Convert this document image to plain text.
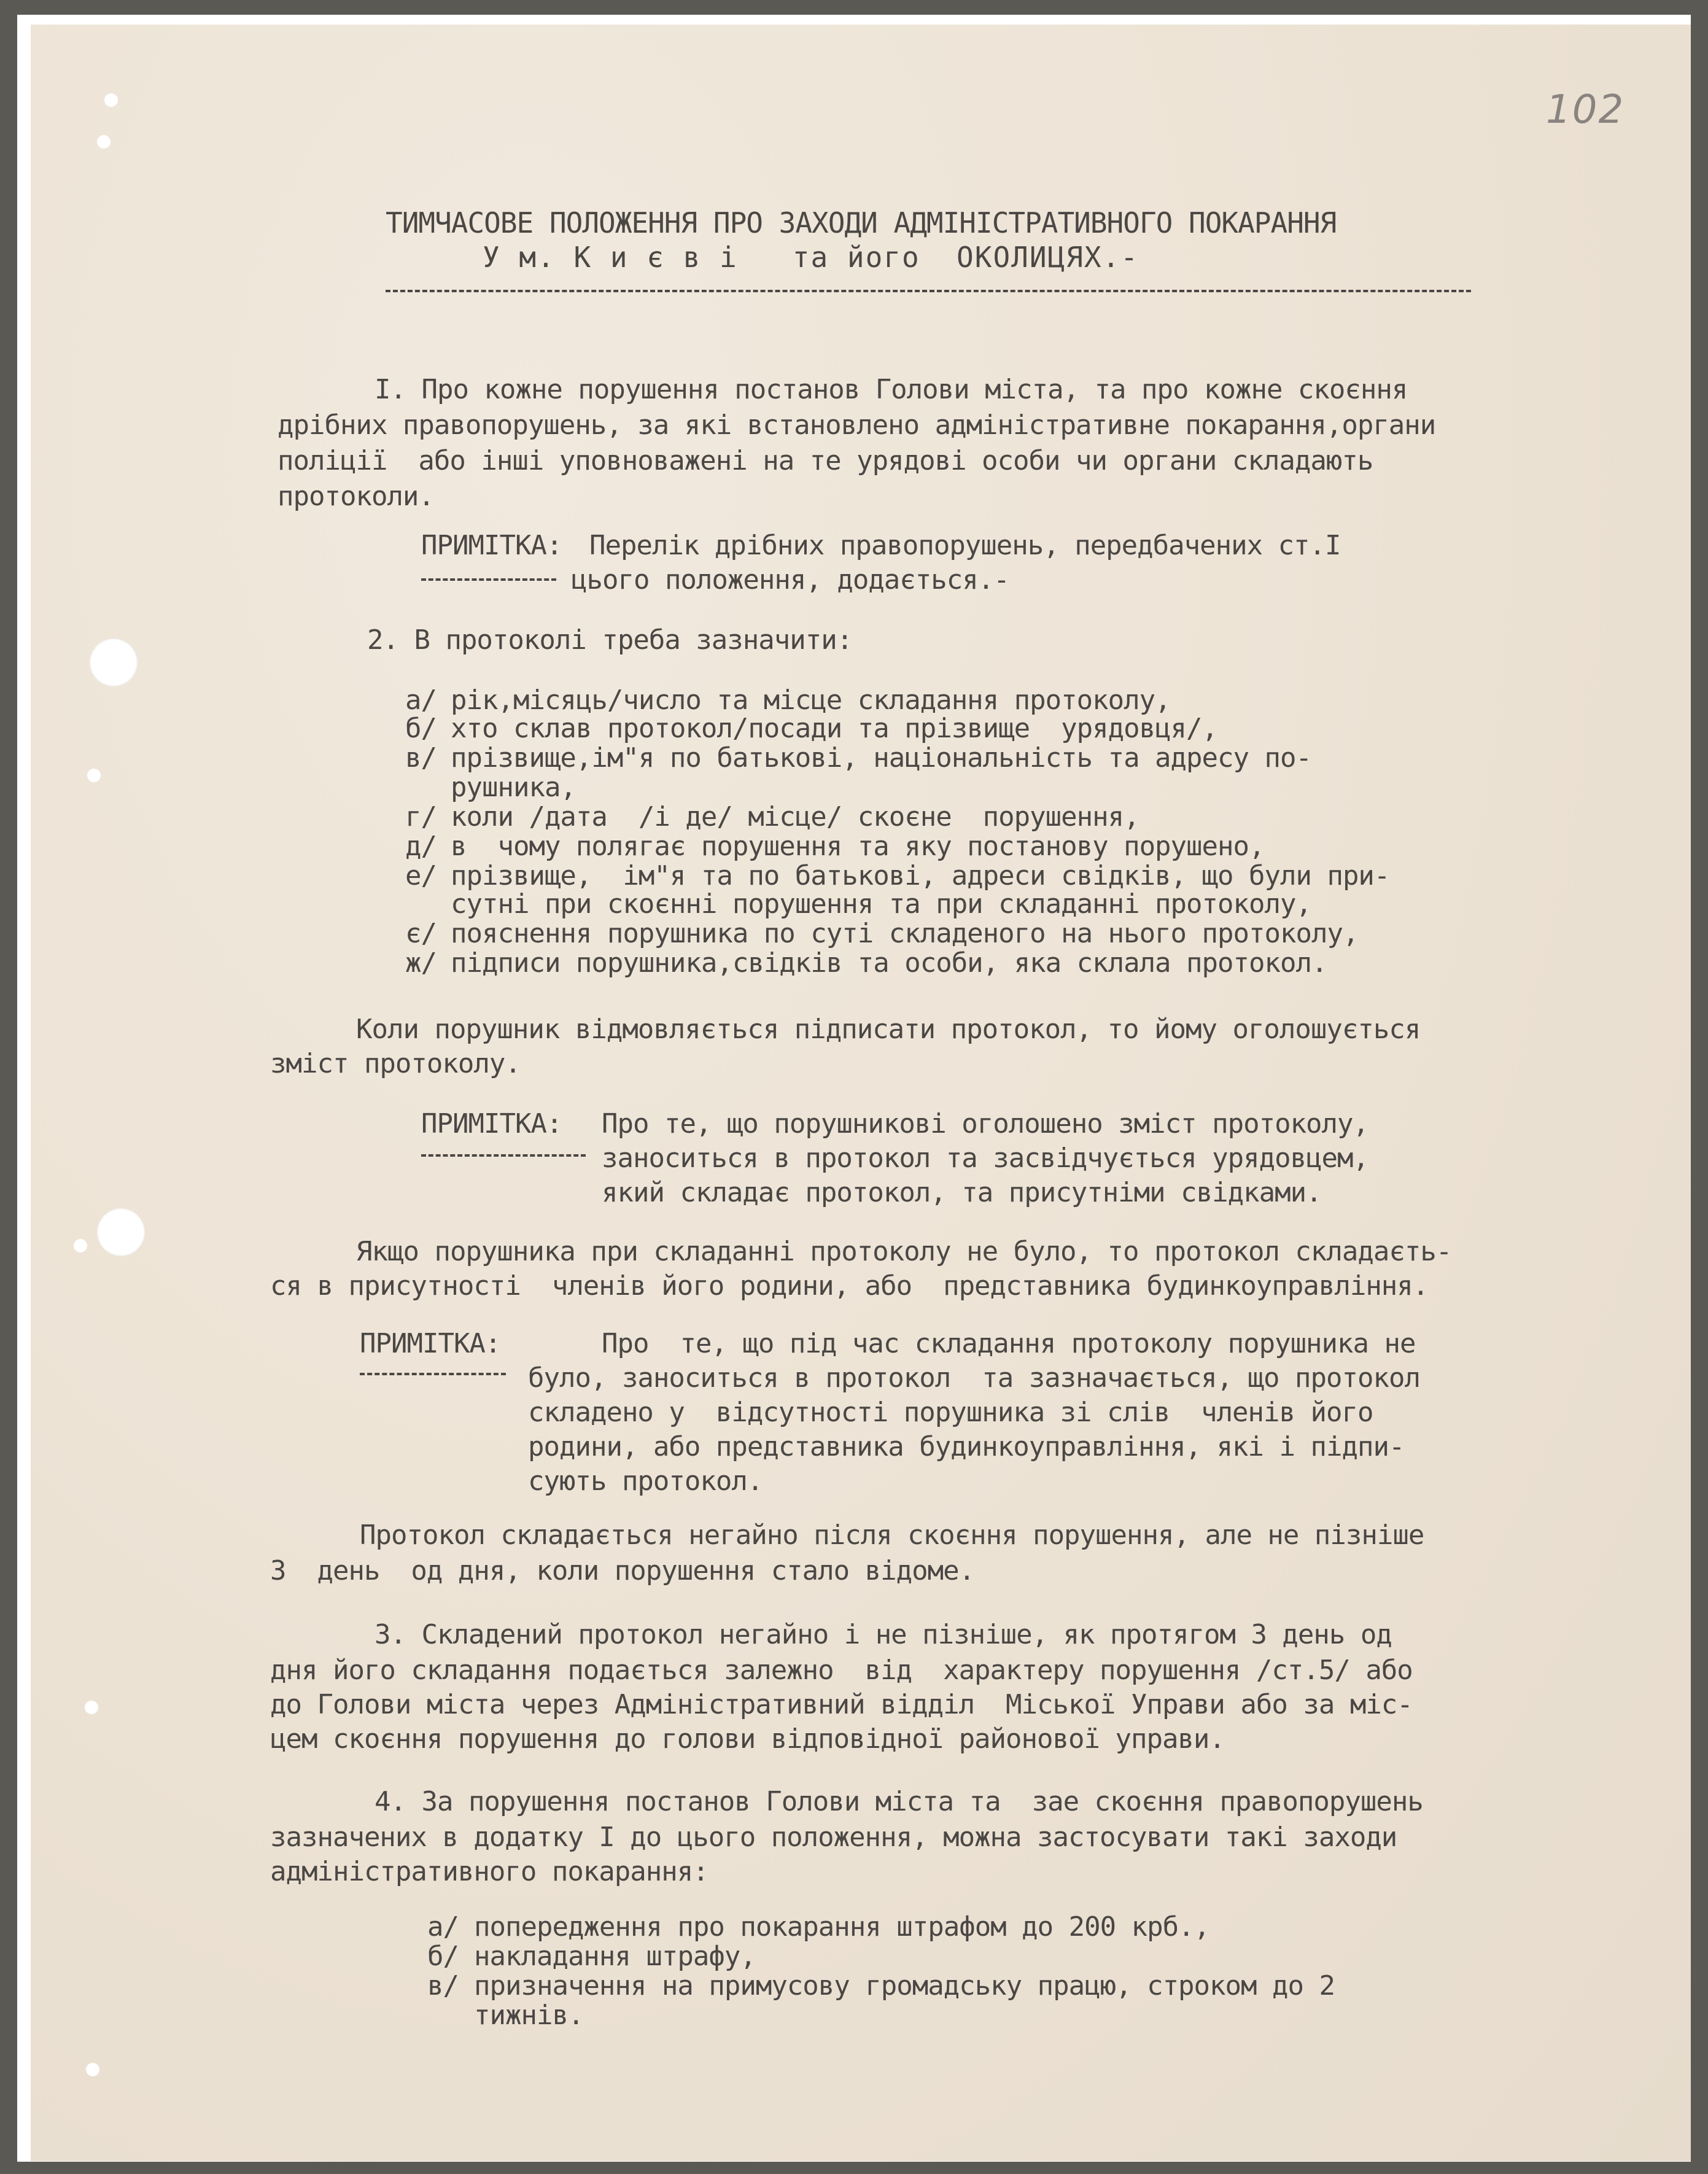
102
ТИМЧАСОВЕ ПОЛОЖЕННЯ ПРО ЗАХОДИ АДМІНІСТРАТИВНОГО ПОКАРАННЯ
У м. К и є в і   та його  ОКОЛИЦЯХ.-
I. Про кожне порушення постанов Голови міста, та про кожне скоєння
дрібних правопорушень, за які встановлено адміністративне покарання,органи
поліції  або інші уповноважені на те урядові особи чи органи складають
протоколи.
ПРИМІТКА: Перелік дрібних правопорушень, передбачених ст.I
цього положення, додається.-
2. В протоколі треба зазначити:
а/ рік,місяць/число та місце складання протоколу,
б/ хто склав протокол/посади та прізвище  урядовця/,
в/ прізвище,ім"я по батькові, національність та адресу по-
рушника,
г/ коли /дата  /і де/ місце/ скоєне  порушення,
д/ в  чому полягає порушення та яку постанову порушено,
е/ прізвище,  ім"я та по батькові, адреси свідків, що були при-
сутні при скоєнні порушення та при складанні протоколу,
є/ пояснення порушника по суті складеного на нього протоколу,
ж/ підписи порушника,свідків та особи, яка склала протокол.
Коли порушник відмовляється підписати протокол, то йому оголошується
зміст протоколу.
ПРИМІТКА: Про те, що порушникові оголошено зміст протоколу,
заноситься в протокол та засвідчується урядовцем,
який складає протокол, та присутніми свідками.
Якщо порушника при складанні протоколу не було, то протокол складаєть-
ся в присутності  членів його родини, або  представника будинкоуправління.
ПРИМІТКА:	Про  те, що під час складання протоколу порушника не
було, заноситься в протокол  та зазначається, що протокол
складено у  відсутності порушника зі слів  членів його
родини, або представника будинкоуправління, які і підпи-
сують протокол.
Протокол складається негайно після скоєння порушення, але не пізніше
3  день  од дня, коли порушення стало відоме.
3. Складений протокол негайно і не пізніше, як протягом 3 день од
дня його складання подається залежно  від  характеру порушення /ст.5/ або
до Голови міста через Адміністративний відділ  Міської Управи або за міс-
цем скоєння порушення до голови відповідної районової управи.
4. За порушення постанов Голови міста та  зае скоєння правопорушень
зазначених в додатку I до цього положення, можна застосувати такі заходи
адміністративного покарання:
а/ попередження про покарання штрафом до 200 крб.,
б/ накладання штрафу,
в/ призначення на примусову громадську працю, строком до 2
тижнів.
